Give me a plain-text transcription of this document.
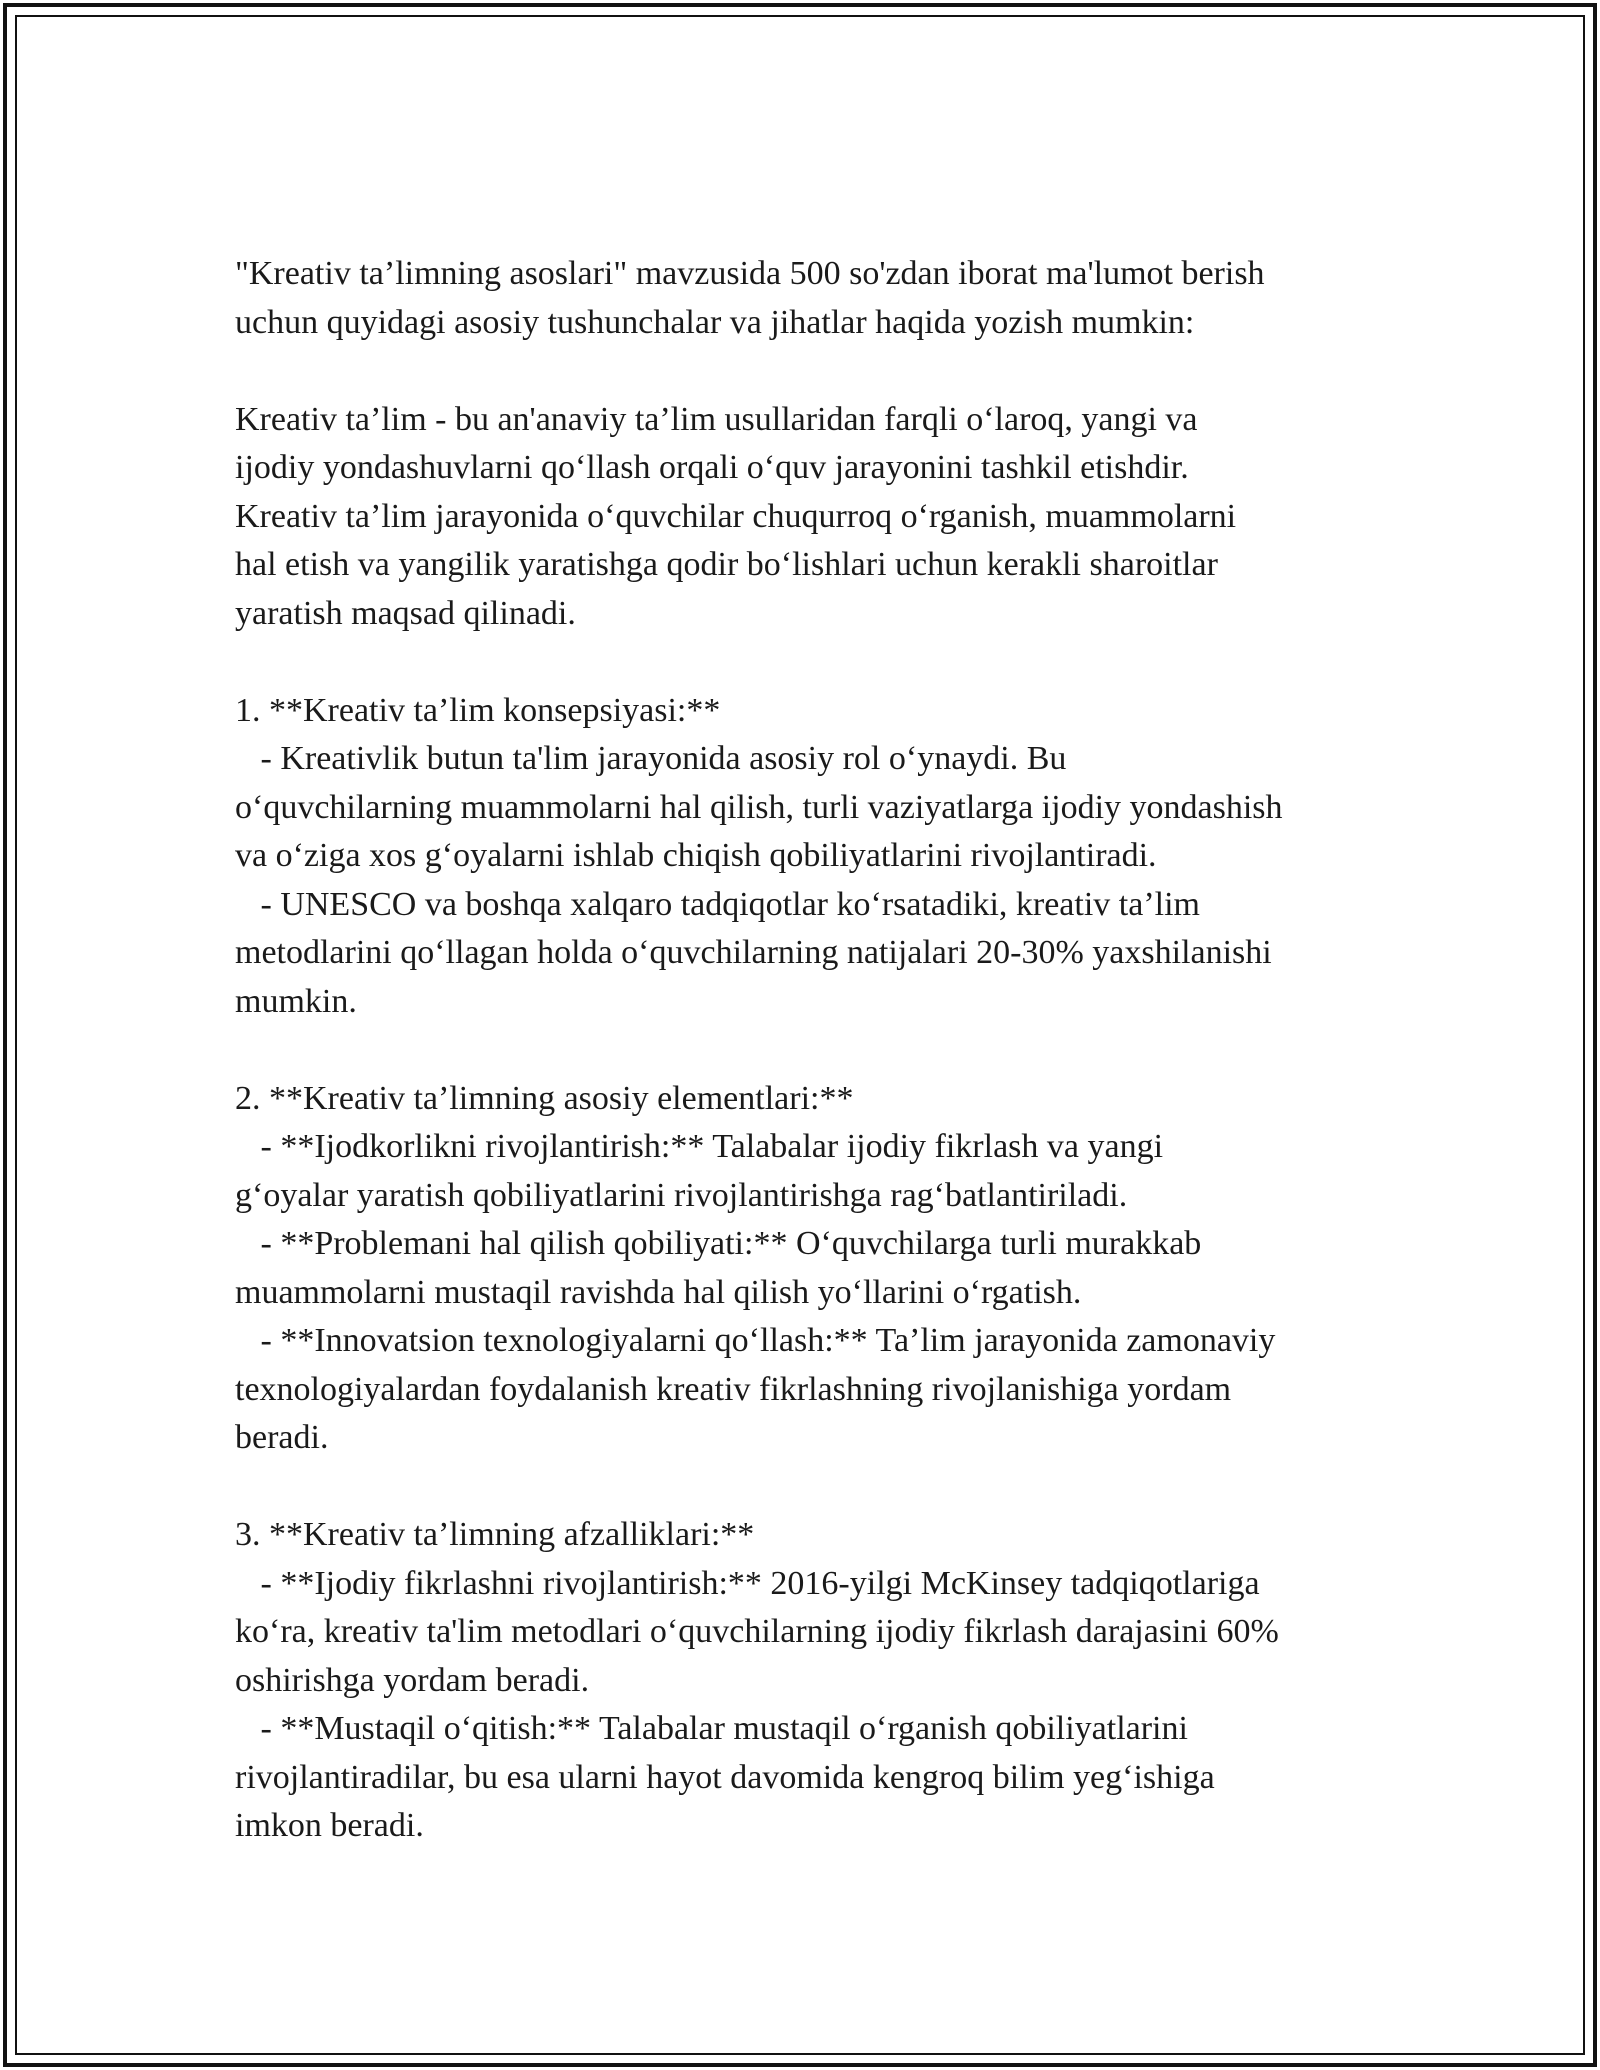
"Kreativ ta’limning asoslari" mavzusida 500 so'zdan iborat ma'lumot berish
uchun quyidagi asosiy tushunchalar va jihatlar haqida yozish mumkin:
Kreativ ta’lim - bu an'anaviy ta’lim usullaridan farqli o‘laroq, yangi va
ijodiy yondashuvlarni qo‘llash orqali o‘quv jarayonini tashkil etishdir.
Kreativ ta’lim jarayonida o‘quvchilar chuqurroq o‘rganish, muammolarni
hal etish va yangilik yaratishga qodir bo‘lishlari uchun kerakli sharoitlar
yaratish maqsad qilinadi.
1. **Kreativ ta’lim konsepsiyasi:**
- Kreativlik butun ta'lim jarayonida asosiy rol o‘ynaydi. Bu
o‘quvchilarning muammolarni hal qilish, turli vaziyatlarga ijodiy yondashish
va o‘ziga xos g‘oyalarni ishlab chiqish qobiliyatlarini rivojlantiradi.
- UNESCO va boshqa xalqaro tadqiqotlar ko‘rsatadiki, kreativ ta’lim
metodlarini qo‘llagan holda o‘quvchilarning natijalari 20-30% yaxshilanishi
mumkin.
2. **Kreativ ta’limning asosiy elementlari:**
- **Ijodkorlikni rivojlantirish:** Talabalar ijodiy fikrlash va yangi
g‘oyalar yaratish qobiliyatlarini rivojlantirishga rag‘batlantiriladi.
- **Problemani hal qilish qobiliyati:** O‘quvchilarga turli murakkab
muammolarni mustaqil ravishda hal qilish yo‘llarini o‘rgatish.
- **Innovatsion texnologiyalarni qo‘llash:** Ta’lim jarayonida zamonaviy
texnologiyalardan foydalanish kreativ fikrlashning rivojlanishiga yordam
beradi.
3. **Kreativ ta’limning afzalliklari:**
- **Ijodiy fikrlashni rivojlantirish:** 2016-yilgi McKinsey tadqiqotlariga
ko‘ra, kreativ ta'lim metodlari o‘quvchilarning ijodiy fikrlash darajasini 60%
oshirishga yordam beradi.
- **Mustaqil o‘qitish:** Talabalar mustaqil o‘rganish qobiliyatlarini
rivojlantiradilar, bu esa ularni hayot davomida kengroq bilim yeg‘ishiga
imkon beradi.
